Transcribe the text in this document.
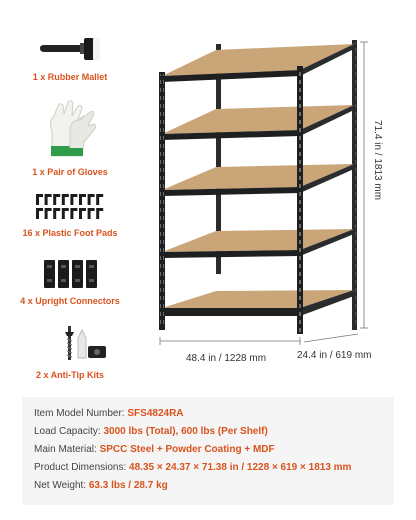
1 x Rubber Mallet
1 x Pair of Gloves
16 x Plastic Foot Pads
4 x Upright Connectors
2 x Anti-Tip Kits
71.4 in / 1813 mm
48.4 in / 1228 mm	24.4 in / 619 mm
Item Model Number: SFS4824RA
Load Capacity: 3000 lbs (Total), 600 lbs (Per Shelf)
Main Material: SPCC Steel + Powder Coating + MDF
Product Dimensions: 48.35 × 24.37 × 71.38 in / 1228 × 619 × 1813 mm
Net Weight: 63.3 lbs / 28.7 kg
